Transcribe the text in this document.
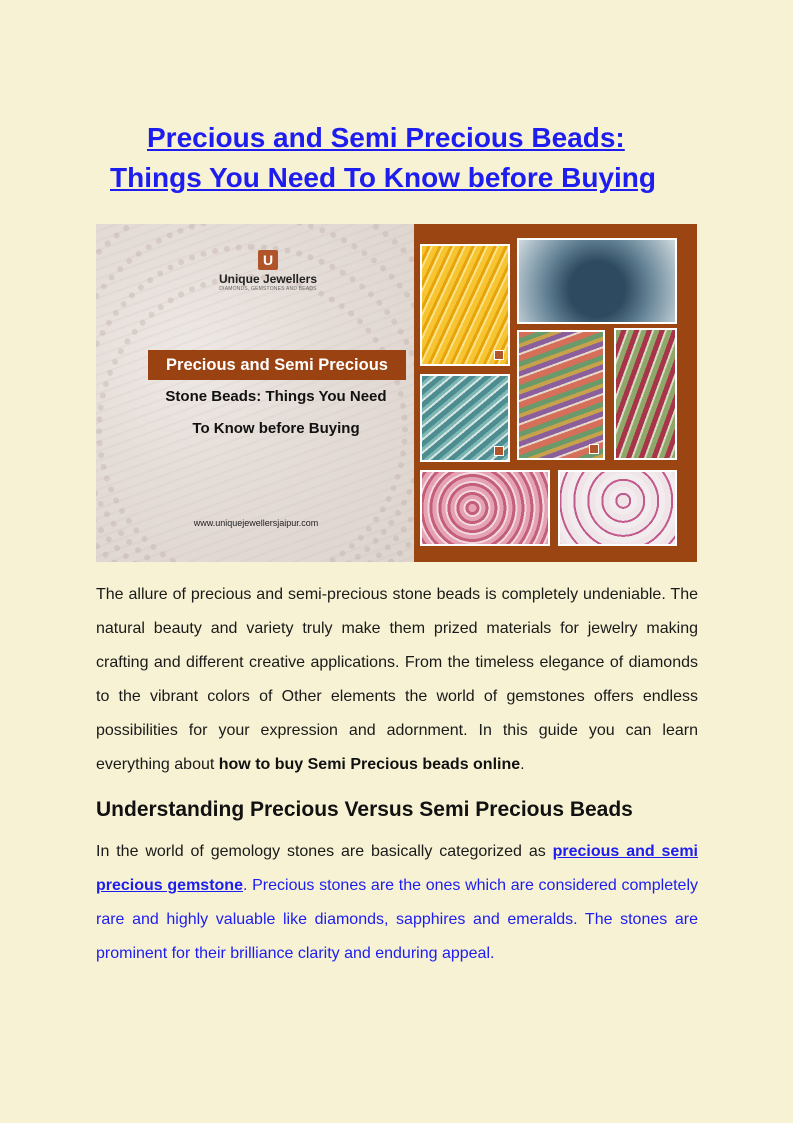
Precious and Semi Precious Beads: Things You Need To Know before Buying
U
Unique Jewellers
DIAMONDS, GEMSTONES AND BEADS
Precious and Semi Precious
Stone Beads: Things You Need
To Know before Buying
www.uniquejewellersjaipur.com

The allure of precious and semi-precious stone beads is completely undeniable. The natural beauty and variety truly make them prized materials for jewelry making crafting and different creative applications. From the timeless elegance of diamonds to the vibrant colors of Other elements the world of gemstones offers endless possibilities for your expression and adornment. In this guide you can learn everything about how to buy Semi Precious beads online.

Understanding Precious Versus Semi Precious Beads

In the world of gemology stones are basically categorized as precious and semi precious gemstone. Precious stones are the ones which are considered completely rare and highly valuable like diamonds, sapphires and emeralds. The stones are prominent for their brilliance clarity and enduring appeal.
